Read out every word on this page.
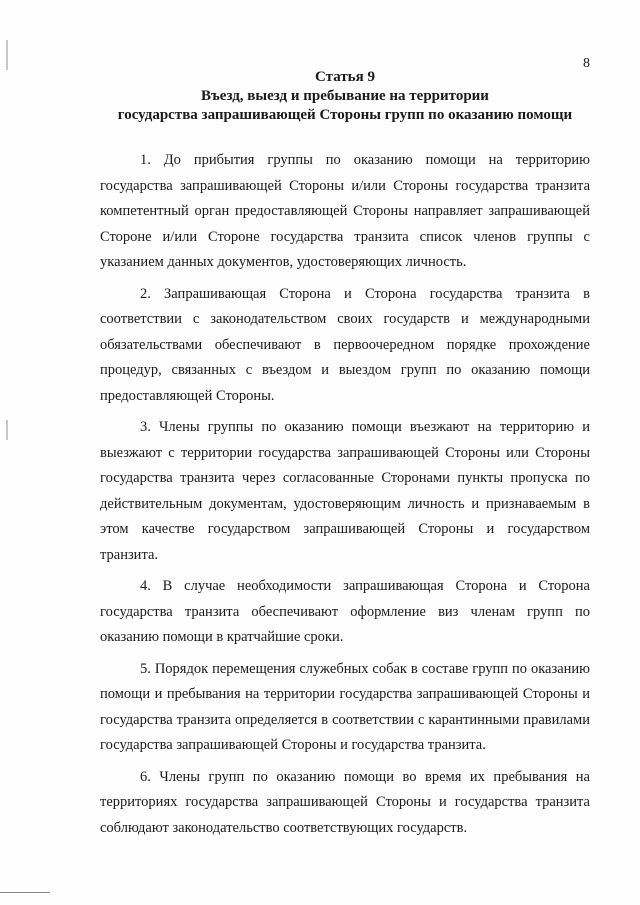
8
Статья 9
Въезд, выезд и пребывание на территории
государства запрашивающей Стороны групп по оказанию помощи

1. До прибытия группы по оказанию помощи на территорию государства запрашивающей Стороны и/или Стороны государства транзита компетентный орган предоставляющей Стороны направляет запрашивающей Стороне и/или Стороне государства транзита список членов группы с указанием данных документов, удостоверяющих личность.

2. Запрашивающая Сторона и Сторона государства транзита в соответствии с законодательством своих государств и международными обязательствами обеспечивают в первоочередном порядке прохождение процедур, связанных с въездом и выездом групп по оказанию помощи предоставляющей Стороны.

3. Члены группы по оказанию помощи въезжают на территорию и выезжают с территории государства запрашивающей Стороны или Стороны государства транзита через согласованные Сторонами пункты пропуска по действительным документам, удостоверяющим личность и признаваемым в этом качестве государством запрашивающей Стороны и государством транзита.

4. В случае необходимости запрашивающая Сторона и Сторона государства транзита обеспечивают оформление виз членам групп по оказанию помощи в кратчайшие сроки.

5. Порядок перемещения служебных собак в составе групп по оказанию помощи и пребывания на территории государства запрашивающей Стороны и государства транзита определяется в соответствии с карантинными правилами государства запрашивающей Стороны и государства транзита.

6. Члены групп по оказанию помощи во время их пребывания на территориях государства запрашивающей Стороны и государства транзита соблюдают законодательство соответствующих государств.
